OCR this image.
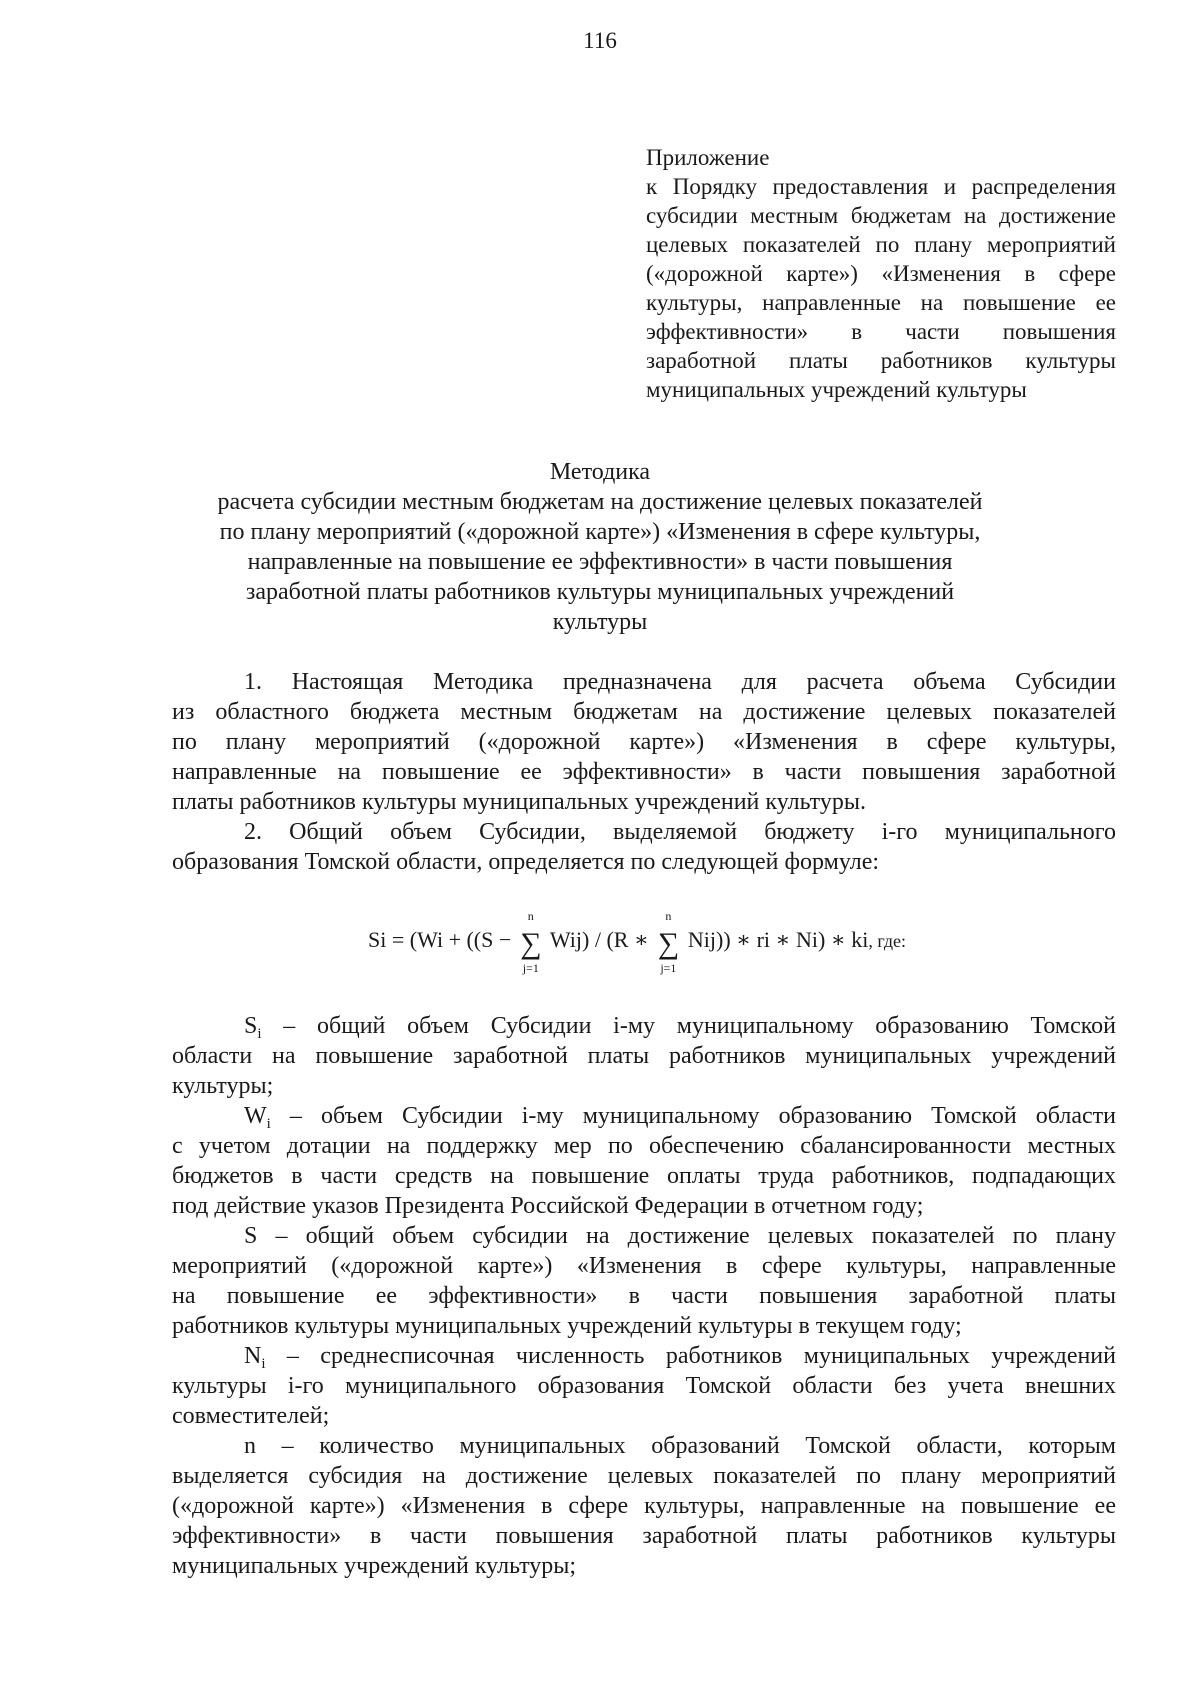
116
Приложение
к Порядку предоставления и распределения
субсидии местным бюджетам на достижение
целевых показателей по плану мероприятий
(«дорожной карте») «Изменения в сфере
культуры, направленные на повышение ее
эффективности» в части повышения
заработной платы работников культуры
муниципальных учреждений культуры
Методика
расчета субсидии местным бюджетам на достижение целевых показателей
по плану мероприятий («дорожной карте») «Изменения в сфере культуры,
направленные на повышение ее эффективности» в части повышения
заработной платы работников культуры муниципальных учреждений
культуры
1. Настоящая Методика предназначена для расчета объема Субсидии
из областного бюджета местным бюджетам на достижение целевых показателей
по плану мероприятий («дорожной карте») «Изменения в сфере культуры,
направленные на повышение ее эффективности» в части повышения заработной
платы работников культуры муниципальных учреждений культуры.
2. Общий объем Субсидии, выделяемой бюджету i-го муниципального
образования Томской области, определяется по следующей формуле:
Si = (Wi + ((S −
n
∑
j=1
Wij) / (R ∗
n
∑
j=1
Nij)) ∗ ri ∗ Ni) ∗ ki, где:
$S_i$ – общий объем Субсидии i-му муниципальному образованию Томской
области на повышение заработной платы работников муниципальных учреждений
культуры;
$W_i$ – объем Субсидии i-му муниципальному образованию Томской области
с учетом дотации на поддержку мер по обеспечению сбалансированности местных
бюджетов в части средств на повышение оплаты труда работников, подпадающих
под действие указов Президента Российской Федерации в отчетном году;
S – общий объем субсидии на достижение целевых показателей по плану
мероприятий («дорожной карте») «Изменения в сфере культуры, направленные
на повышение ее эффективности» в части повышения заработной платы
работников культуры муниципальных учреждений культуры в текущем году;
$N_i$ – среднесписочная численность работников муниципальных учреждений
культуры i-го муниципального образования Томской области без учета внешних
совместителей;
n – количество муниципальных образований Томской области, которым
выделяется субсидия на достижение целевых показателей по плану мероприятий
(«дорожной карте») «Изменения в сфере культуры, направленные на повышение ее
эффективности» в части повышения заработной платы работников культуры
муниципальных учреждений культуры;
